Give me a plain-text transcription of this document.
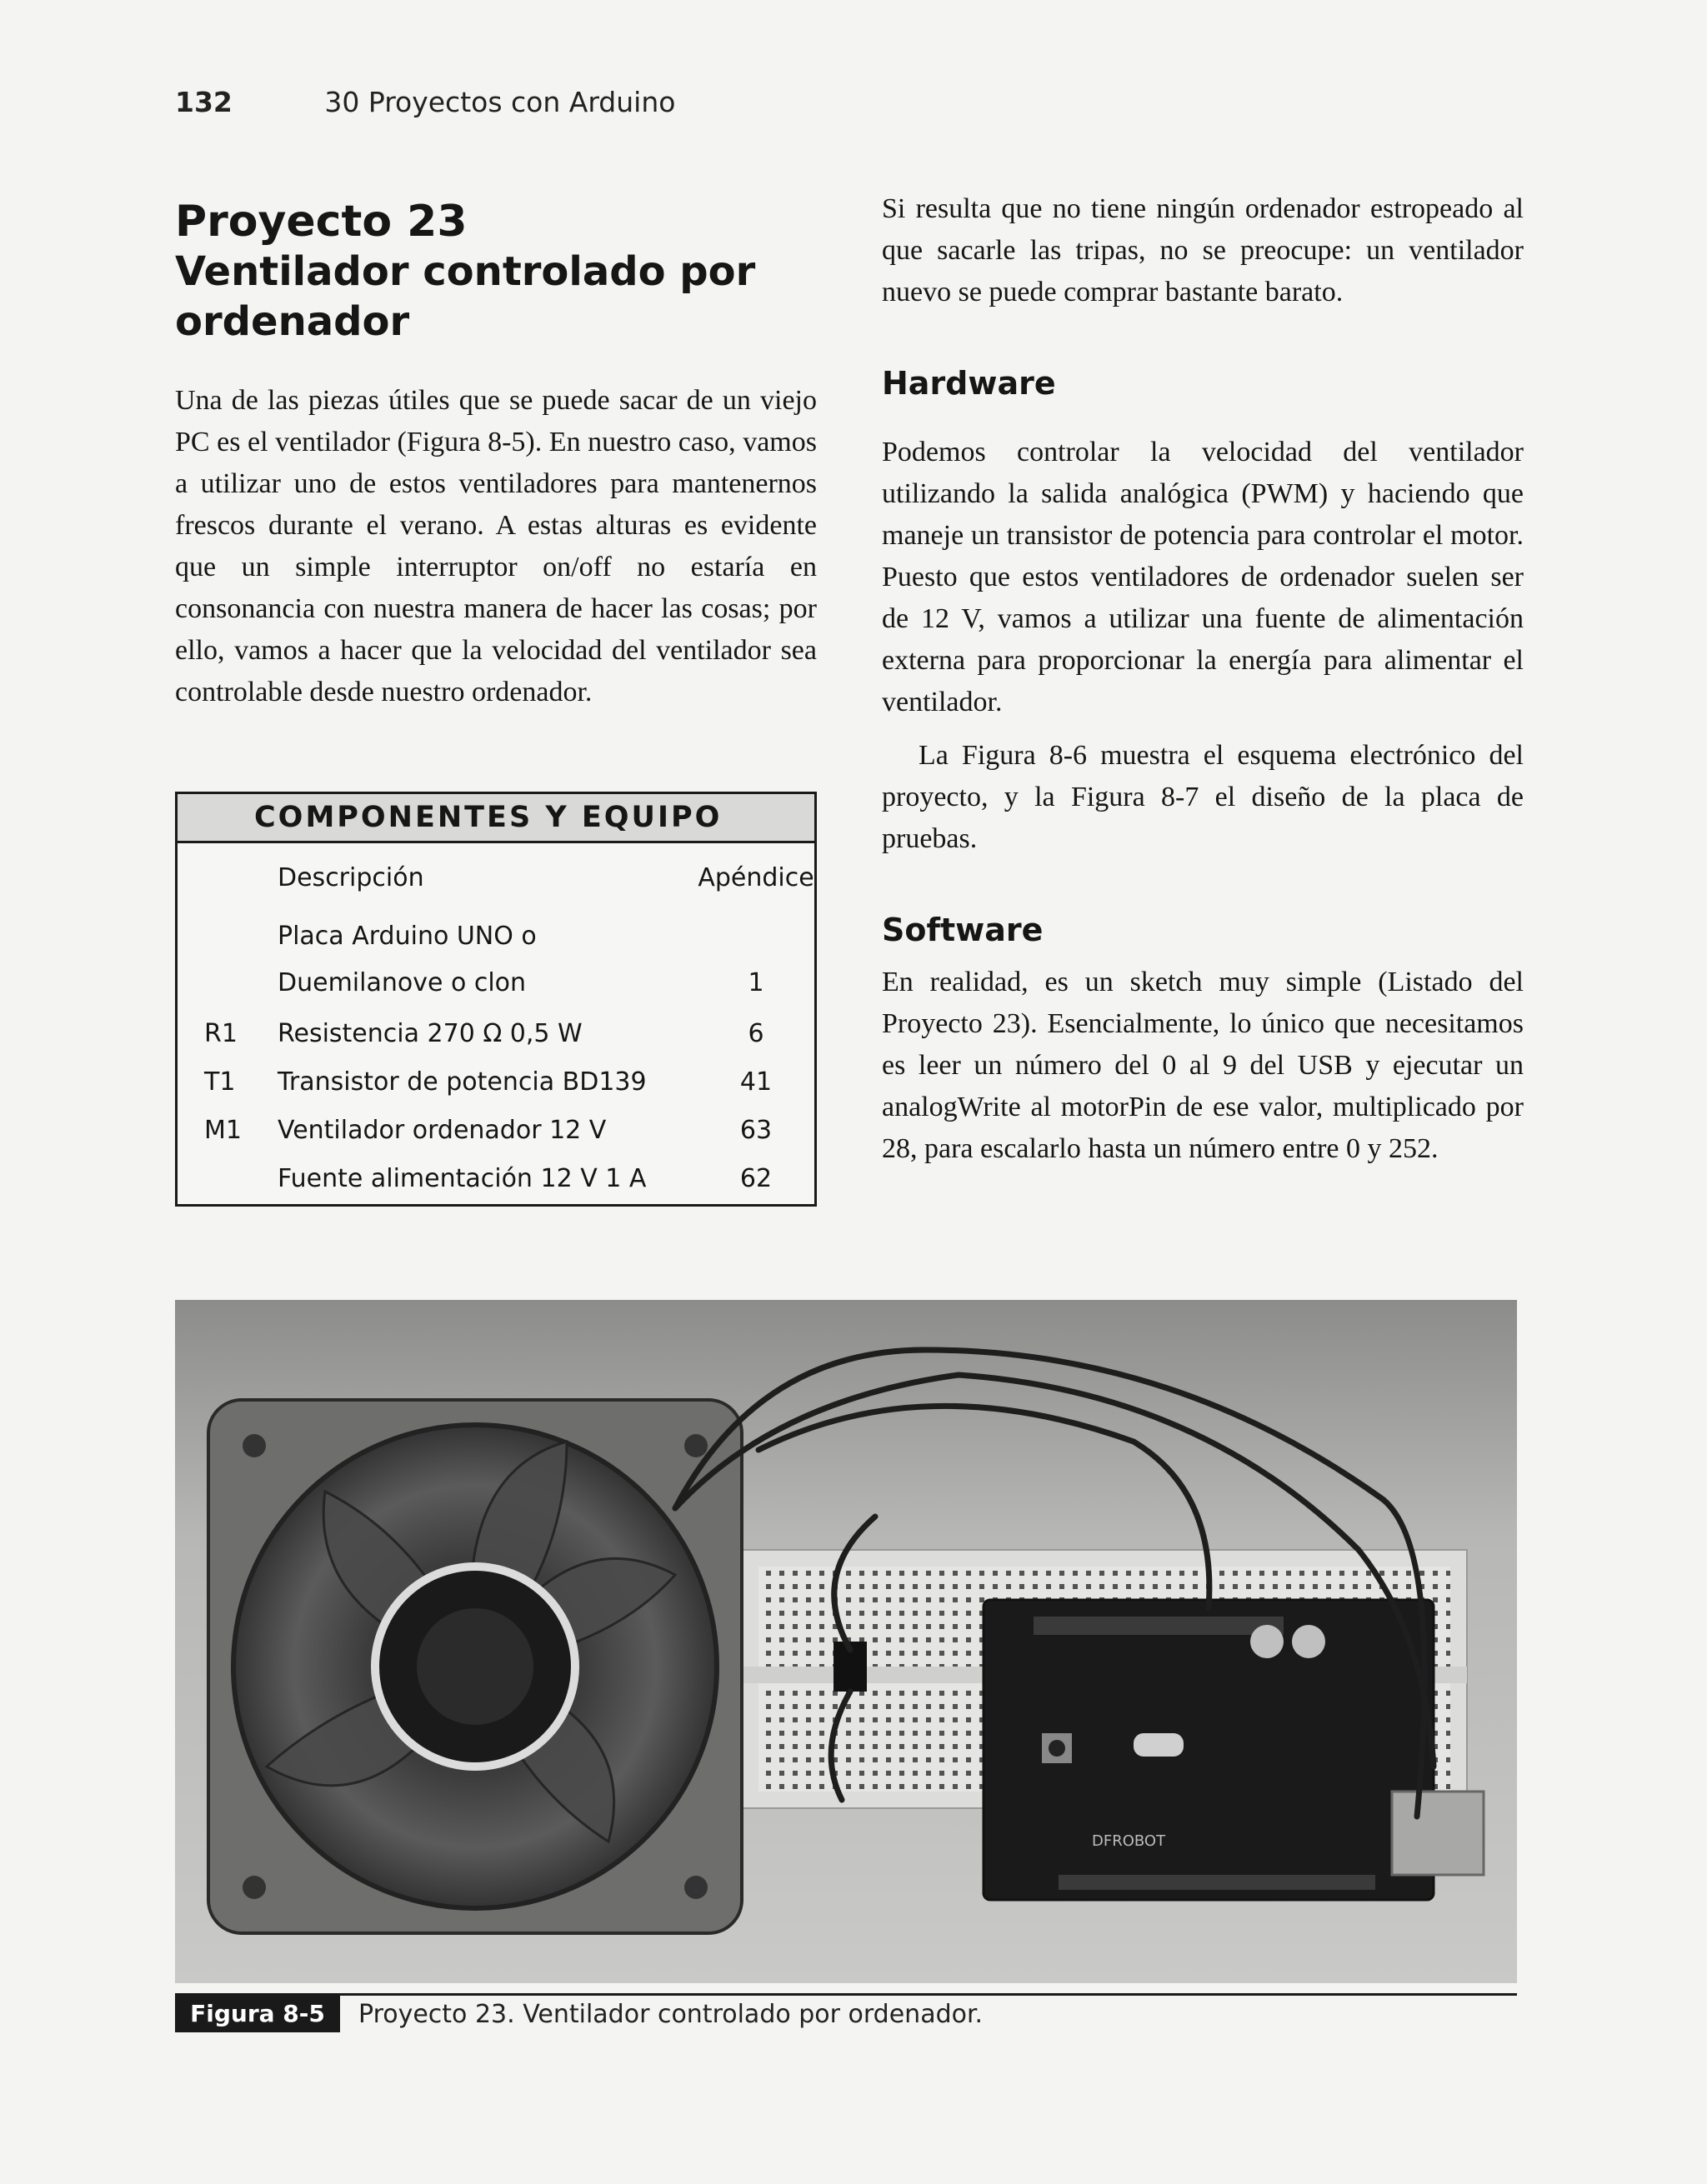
132	30 Proyectos con Arduino

Proyecto 23

Ventilador controlado por

ordenador

Una de las piezas útiles que se puede sacar de un viejo PC es el ventilador (Figura 8-5). En nuestro caso, vamos a utilizar uno de estos ventiladores para mantenernos frescos durante el verano. A estas alturas es evidente que un simple interruptor on/off no estaría en consonancia con nuestra manera de hacer las cosas; por ello, vamos a hacer que la velocidad del ventilador sea controlable desde nuestro ordenador.

COMPONENTES Y EQUIPO
	Descripción	Apéndice

	Placa Arduino UNO o
Duemilanove o clon	1

R1	Resistencia 270 Ω 0,5 W	6
T1	Transistor de potencia BD139	41
M1	Ventilador ordenador 12 V	63
	Fuente alimentación 12 V 1 A	62

Si resulta que no tiene ningún ordenador estropeado al que sacarle las tripas, no se preocupe: un ventilador nuevo se puede comprar bastante barato.

Hardware

Podemos controlar la velocidad del ventilador utilizando la salida analógica (PWM) y haciendo que maneje un transistor de potencia para controlar el motor. Puesto que estos ventiladores de ordenador suelen ser de 12 V, vamos a utilizar una fuente de alimentación externa para proporcionar la energía para alimentar el ventilador.

La Figura 8-6 muestra el esquema electrónico del proyecto, y la Figura 8-7 el diseño de la placa de pruebas.

Software

En realidad, es un sketch muy simple (Listado del Proyecto 23). Esencialmente, lo único que necesitamos es leer un número del 0 al 9 del USB y ejecutar un analogWrite al motorPin de ese valor, multiplicado por 28, para escalarlo hasta un número entre 0 y 252.

DFROBOT
Figura 8-5	Proyecto 23. Ventilador controlado por ordenador.
